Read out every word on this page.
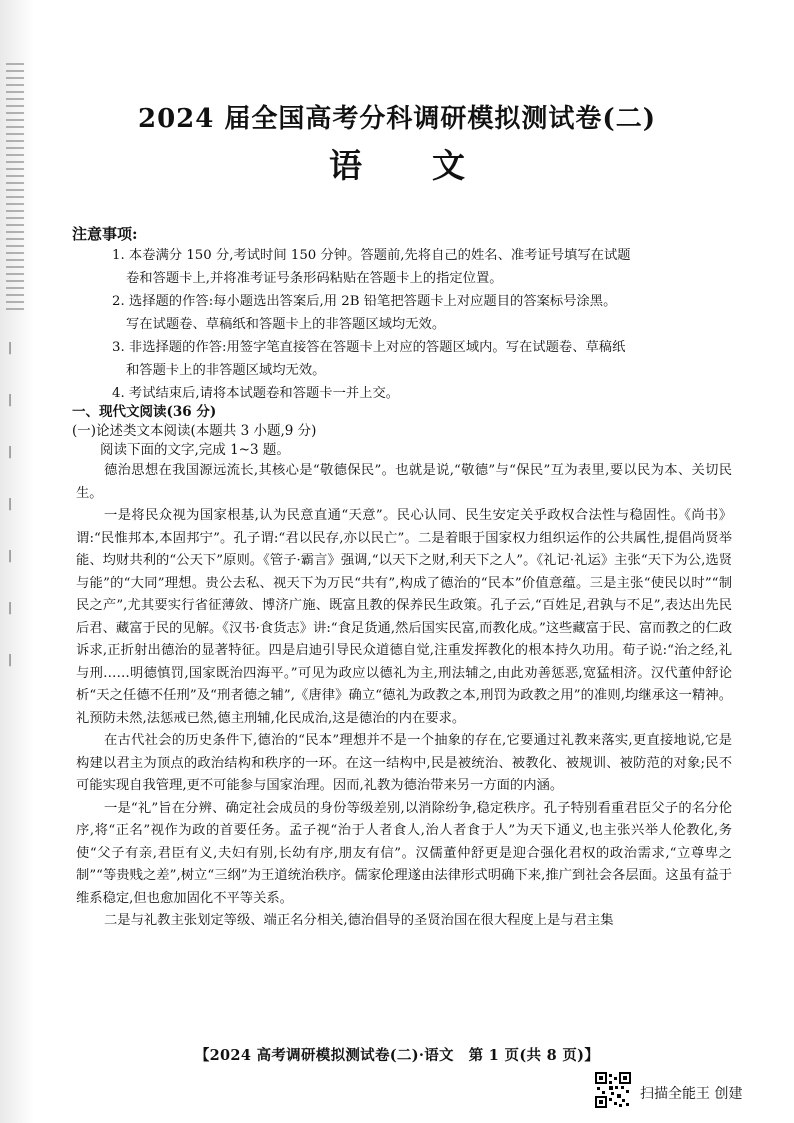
|
|
|
|
|
|
|
2024 届全国高考分科调研模拟测试卷(二)
语文
注意事项:
1. 本卷满分 150 分,考试时间 150 分钟。答题前,先将自己的姓名、准考证号填写在试题
卷和答题卡上,并将准考证号条形码粘贴在答题卡上的指定位置。
2. 选择题的作答:每小题选出答案后,用 2B 铅笔把答题卡上对应题目的答案标号涂黑。
写在试题卷、草稿纸和答题卡上的非答题区域均无效。
3. 非选择题的作答:用签字笔直接答在答题卡上对应的答题区域内。写在试题卷、草稿纸
和答题卡上的非答题区域均无效。
4. 考试结束后,请将本试题卷和答题卡一并上交。
一、现代文阅读(36 分)
(一)论述类文本阅读(本题共 3 小题,9 分)
阅读下面的文字,完成 1~3 题。

德治思想在我国源远流长,其核心是“敬德保民”。也就是说,“敬德”与“保民”互为表里,要以民为本、关切民生。

一是将民众视为国家根基,认为民意直通“天意”。民心认同、民生安定关乎政权合法性与稳固性。《尚书》谓:“民惟邦本,本固邦宁”。孔子谓:“君以民存,亦以民亡”。二是着眼于国家权力组织运作的公共属性,提倡尚贤举能、均财共利的“公天下”原则。《管子·霸言》强调,“以天下之财,利天下之人”。《礼记·礼运》主张“天下为公,选贤与能”的“大同”理想。贵公去私、视天下为万民“共有”,构成了德治的“民本”价值意蕴。三是主张“使民以时”“制民之产”,尤其要实行省征薄敛、博济广施、既富且教的保养民生政策。孔子云,“百姓足,君孰与不足”,表达出先民后君、藏富于民的见解。《汉书·食货志》讲:“食足货通,然后国实民富,而教化成。”这些藏富于民、富而教之的仁政诉求,正折射出德治的显著特征。四是启迪引导民众道德自觉,注重发挥教化的根本持久功用。荀子说:“治之经,礼与刑……明德慎罚,国家既治四海平。”可见为政应以德礼为主,刑法辅之,由此劝善惩恶,宽猛相济。汉代董仲舒论析“天之任德不任刑”及“刑者德之辅”,《唐律》确立“德礼为政教之本,刑罚为政教之用”的准则,均继承这一精神。礼预防未然,法惩戒已然,德主刑辅,化民成治,这是德治的内在要求。

在古代社会的历史条件下,德治的“民本”理想并不是一个抽象的存在,它要通过礼教来落实,更直接地说,它是构建以君主为顶点的政治结构和秩序的一环。在这一结构中,民是被统治、被教化、被规训、被防范的对象;民不可能实现自我管理,更不可能参与国家治理。因而,礼教为德治带来另一方面的内涵。

一是“礼”旨在分辨、确定社会成员的身份等级差别,以消除纷争,稳定秩序。孔子特别看重君臣父子的名分伦序,将“正名”视作为政的首要任务。孟子视“治于人者食人,治人者食于人”为天下通义,也主张兴举人伦教化,务使“父子有亲,君臣有义,夫妇有别,长幼有序,朋友有信”。汉儒董仲舒更是迎合强化君权的政治需求,“立尊卑之制”“等贵贱之差”,树立“三纲”为王道统治秩序。儒家伦理遂由法律形式明确下来,推广到社会各层面。这虽有益于维系稳定,但也愈加固化不平等关系。

二是与礼教主张划定等级、端正名分相关,德治倡导的圣贤治国在很大程度上是与君主集

【2024 高考调研模拟测试卷(二)·语文　第 1 页(共 8 页)】
扫描全能王 创建
